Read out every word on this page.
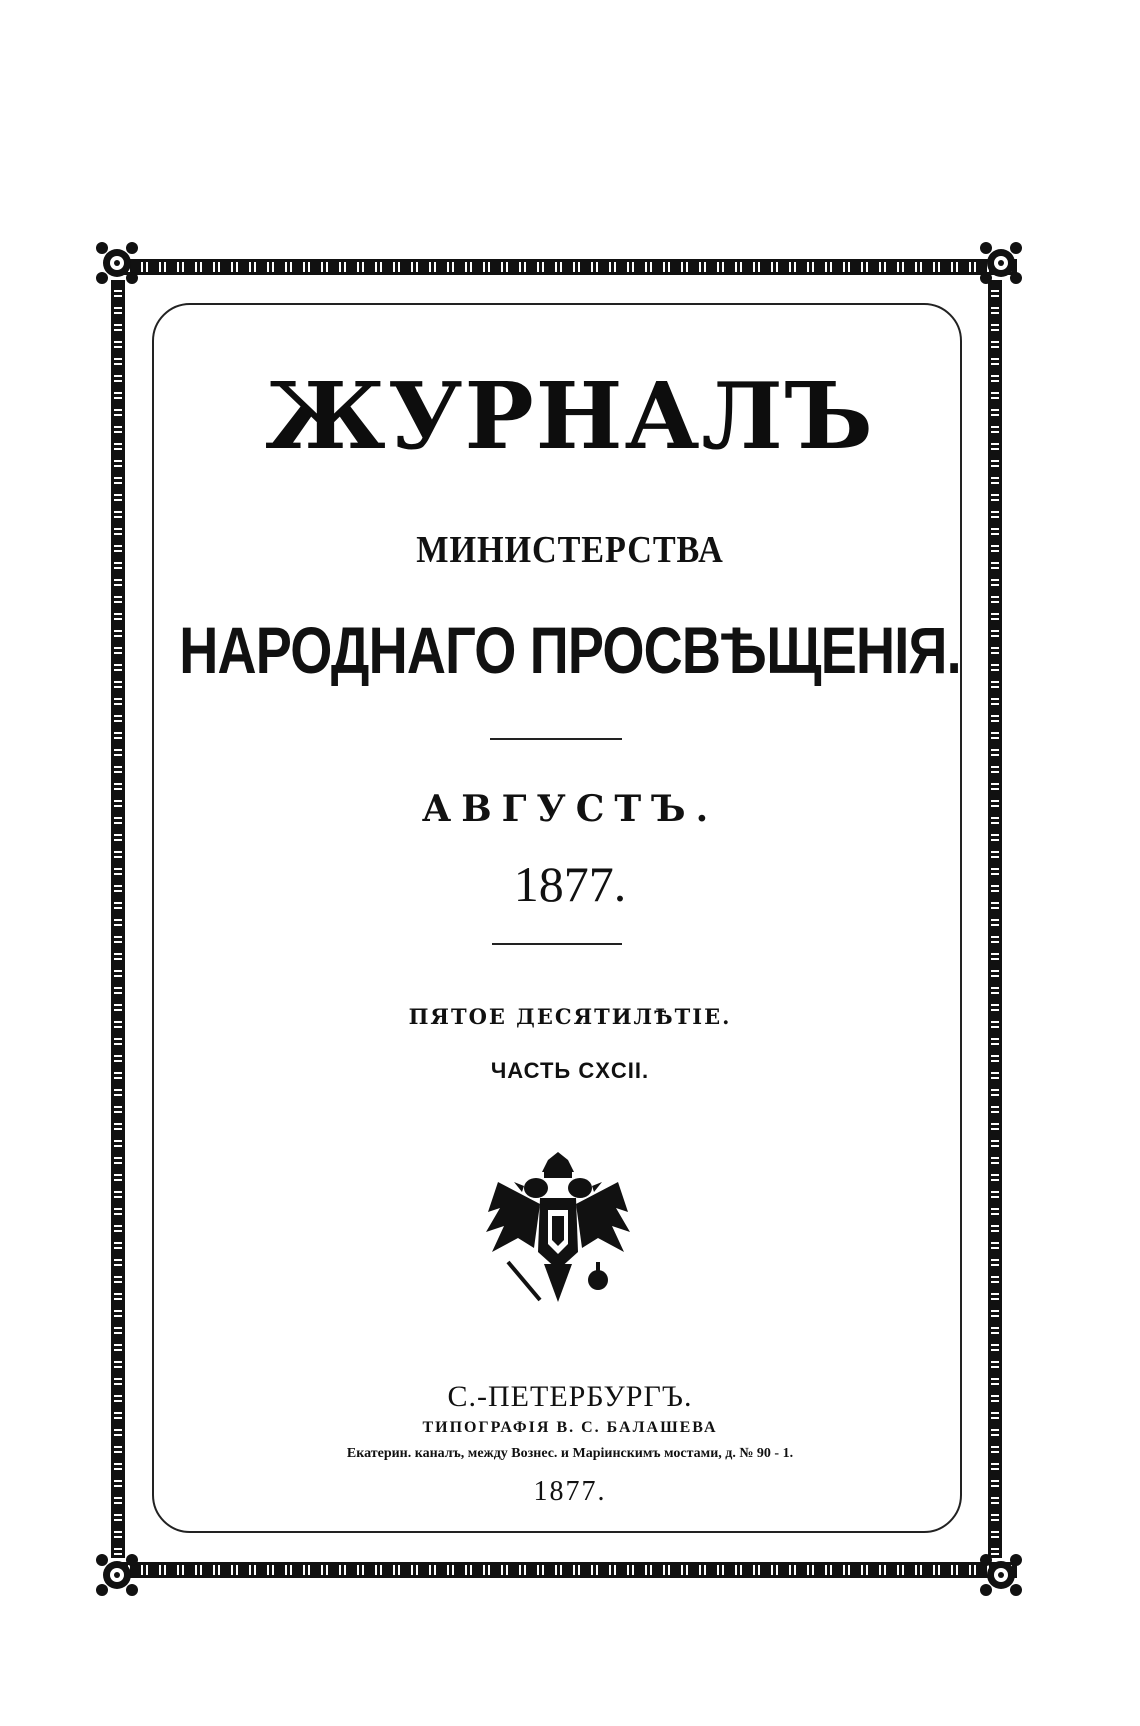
ЖУРНАЛЪ
МИНИСТЕРСТВА
НАРОДНАГО ПРОСВѢЩЕНІЯ.
АВГУСТЪ.
1877.
ПЯТОЕ ДЕСЯТИЛѢТІЕ.
ЧАСТЬ CXCII.
С.-ПЕТЕРБУРГЪ.
ТИПОГРАФІЯ В. С. БАЛАШЕВА
Екатерин. каналъ, между Вознес. и Маріинскимъ мостами, д. № 90 - 1.
1877.
